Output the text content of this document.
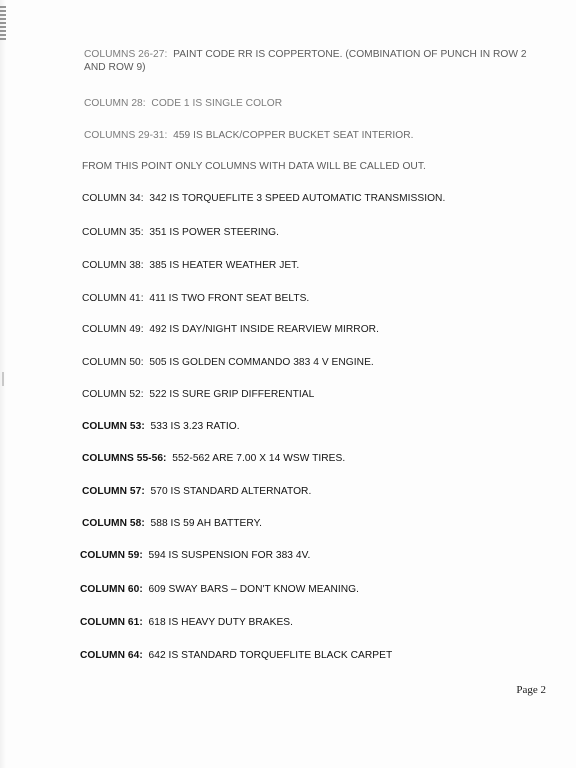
COLUMNS 26-27: PAINT CODE RR IS COPPERTONE. (COMBINATION OF PUNCH IN ROW 2 AND ROW 9)

COLUMN 28: CODE 1 IS SINGLE COLOR

COLUMNS 29-31: 459 IS BLACK/COPPER BUCKET SEAT INTERIOR.

FROM THIS POINT ONLY COLUMNS WITH DATA WILL BE CALLED OUT.

COLUMN 34: 342 IS TORQUEFLITE 3 SPEED AUTOMATIC TRANSMISSION.

COLUMN 35: 351 IS POWER STEERING.

COLUMN 38: 385 IS HEATER WEATHER JET.

COLUMN 41: 411 IS TWO FRONT SEAT BELTS.

COLUMN 49: 492 IS DAY/NIGHT INSIDE REARVIEW MIRROR.

COLUMN 50: 505 IS GOLDEN COMMANDO 383 4 V ENGINE.

COLUMN 52: 522 IS SURE GRIP DIFFERENTIAL

COLUMN 53: 533 IS 3.23 RATIO.

COLUMNS 55-56: 552-562 ARE 7.00 X 14 WSW TIRES.

COLUMN 57: 570 IS STANDARD ALTERNATOR.

COLUMN 58: 588 IS 59 AH BATTERY.

COLUMN 59: 594 IS SUSPENSION FOR 383 4V.

COLUMN 60: 609 SWAY BARS – DON'T KNOW MEANING.

COLUMN 61: 618 IS HEAVY DUTY BRAKES.

COLUMN 64: 642 IS STANDARD TORQUEFLITE BLACK CARPET

Page 2
